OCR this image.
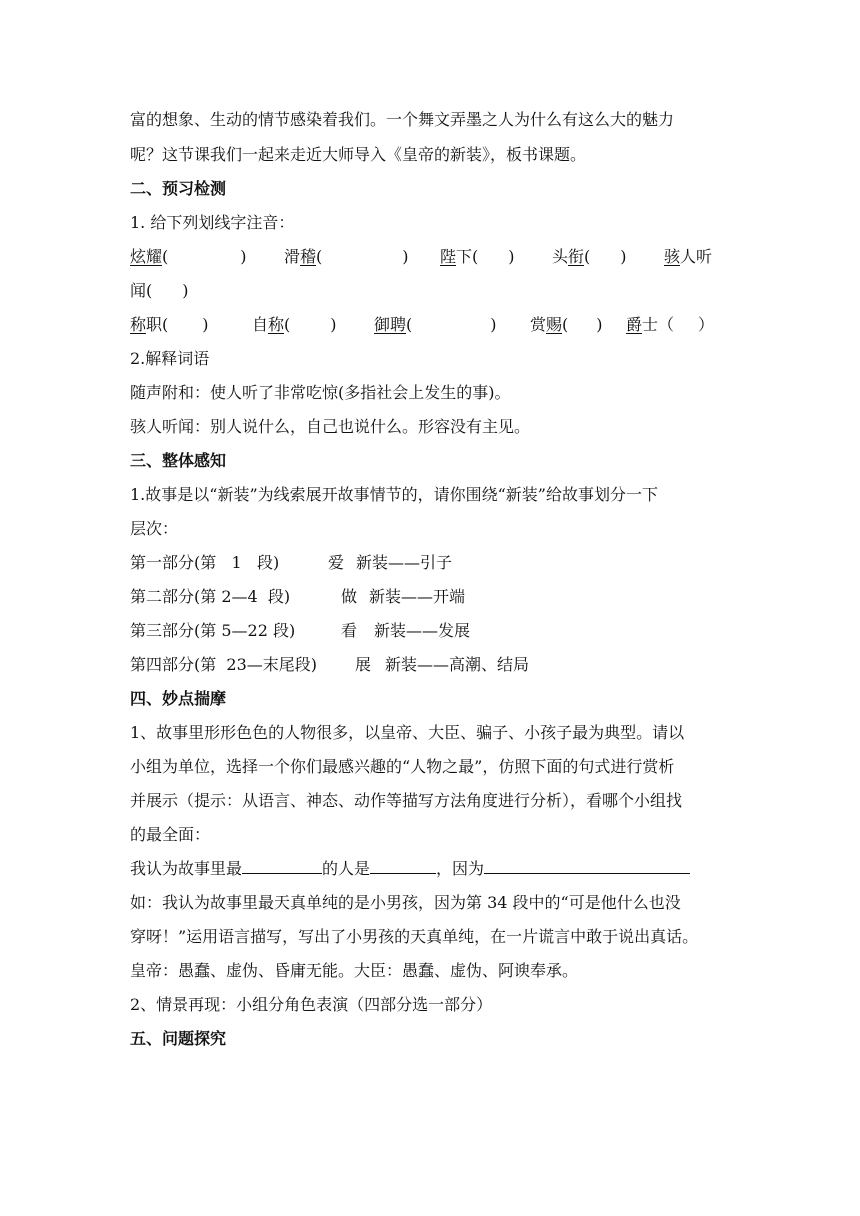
富的想象、生动的情节感染着我们。一个舞文弄墨之人为什么有这么大的魅力
呢？这节课我们一起来走近大师导入《皇帝的新装》，板书课题。
二、预习检测
1. 给下列划线字注音：
炫耀(	) 滑稽(	) 陛下( ) 头衔( ) 骇人听
闻( )
称职( )	自称(	) 御聘(	) 赏赐( ) 爵士（ ）
2.解释词语
随声附和：使人听了非常吃惊(多指社会上发生的事)。
骇人听闻：别人说什么，自己也说什么。形容没有主见。
三、整体感知
1.故事是以“新装”为线索展开故事情节的，请你围绕“新装”给故事划分一下
层次：
第一部分(第   1   段)	爱 新装——引子
第二部分(第 2—4  段)	做 新装——开端
第三部分(第 5—22 段)	看 新装——发展
第四部分(第  23—末尾段) 展 新装——高潮、结局
四、妙点揣摩
1、故事里形形色色的人物很多，以皇帝、大臣、骗子、小孩子最为典型。请以
小组为单位，选择一个你们最感兴趣的“人物之最”，仿照下面的句式进行赏析
并展示（提示：从语言、神态、动作等描写方法角度进行分析），看哪个小组找
的最全面：
我认为故事里最	的人是	，因为
如：我认为故事里最天真单纯的是小男孩，因为第 34 段中的“可是他什么也没
穿呀！”运用语言描写，写出了小男孩的天真单纯，在一片谎言中敢于说出真话。
皇帝：愚蠢、虚伪、昏庸无能。大臣：愚蠢、虚伪、阿谀奉承。
2、情景再现：小组分角色表演（四部分选一部分）
五、问题探究
